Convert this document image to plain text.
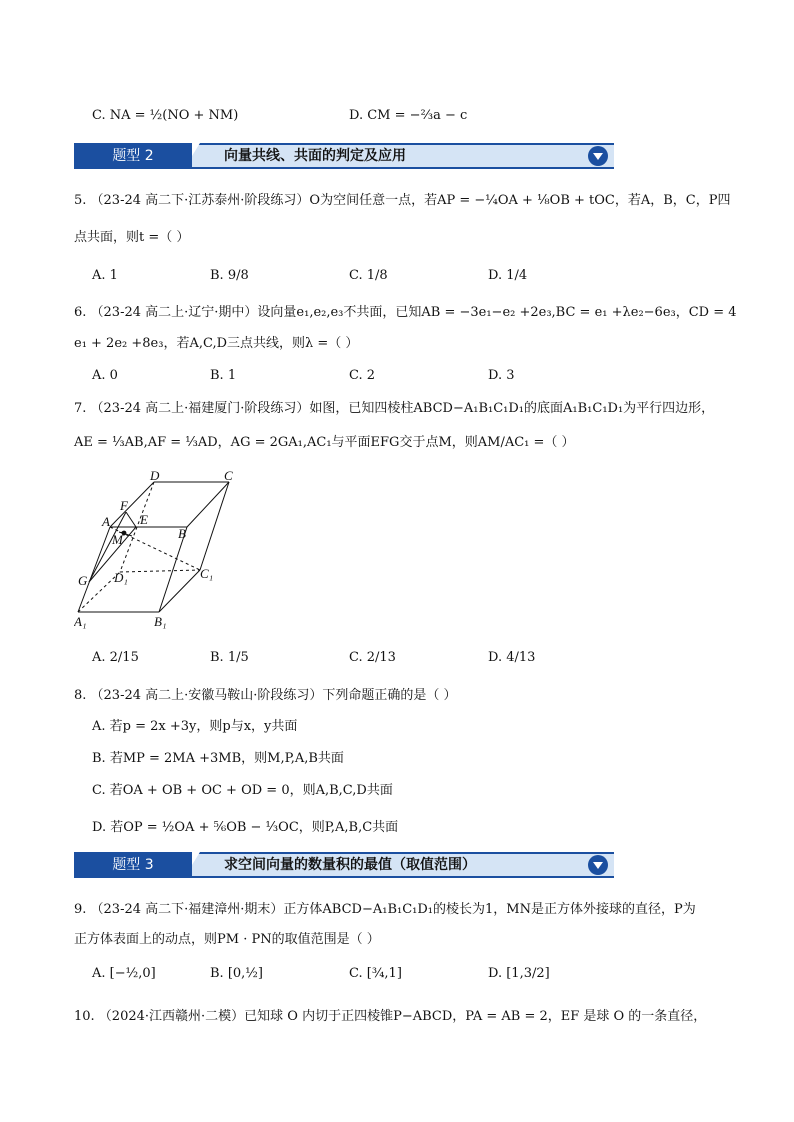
C. NA = ½(NO + NM)	D. CM = −⅔a − c
题型 2	向量共线、共面的判定及应用
5. （23-24 高二下·江苏泰州·阶段练习）O为空间任意一点，若AP = −¼OA + ⅛OB + tOC，若A，B，C，P四
点共面，则t =（ ）
A. 1	B. 9/8	C. 1/8	D. 1/4
6. （23-24 高二上·辽宁·期中）设向量e₁,e₂,e₃不共面，已知AB = −3e₁−e₂ +2e₃,BC = e₁ +λe₂−6e₃，CD = 4
e₁ + 2e₂ +8e₃，若A,C,D三点共线，则λ =（ ）
A. 0	B. 1	C. 2	D. 3
7. （23-24 高二上·福建厦门·阶段练习）如图，已知四棱柱ABCD−A₁B₁C₁D₁的底面A₁B₁C₁D₁为平行四边形，
AE = ⅓AB,AF = ⅓AD，AG = 2GA₁,AC₁与平面EFG交于点M，则AM/AC₁ =（ ）
D	C
F
A E
M	B
G D₁	C₁
A₁	B₁
A. 2/15	B. 1/5	C. 2/13	D. 4/13
8. （23-24 高二上·安徽马鞍山·阶段练习）下列命题正确的是（ ）
A. 若p = 2x +3y，则p与x，y共面
B. 若MP = 2MA +3MB，则M,P,A,B共面
C. 若OA + OB + OC + OD = 0，则A,B,C,D共面
D. 若OP = ½OA + ⅚OB − ⅓OC，则P,A,B,C共面
题型 3	求空间向量的数量积的最值（取值范围）
9. （23-24 高二下·福建漳州·期末）正方体ABCD−A₁B₁C₁D₁的棱长为1，MN是正方体外接球的直径，P为
正方体表面上的动点，则PM · PN的取值范围是（ ）
A. [−½,0]	B. [0,½]	C. [¾,1]	D. [1,3/2]
10. （2024·江西赣州·二模）已知球 O 内切于正四棱锥P−ABCD，PA = AB = 2，EF 是球 O 的一条直径，
